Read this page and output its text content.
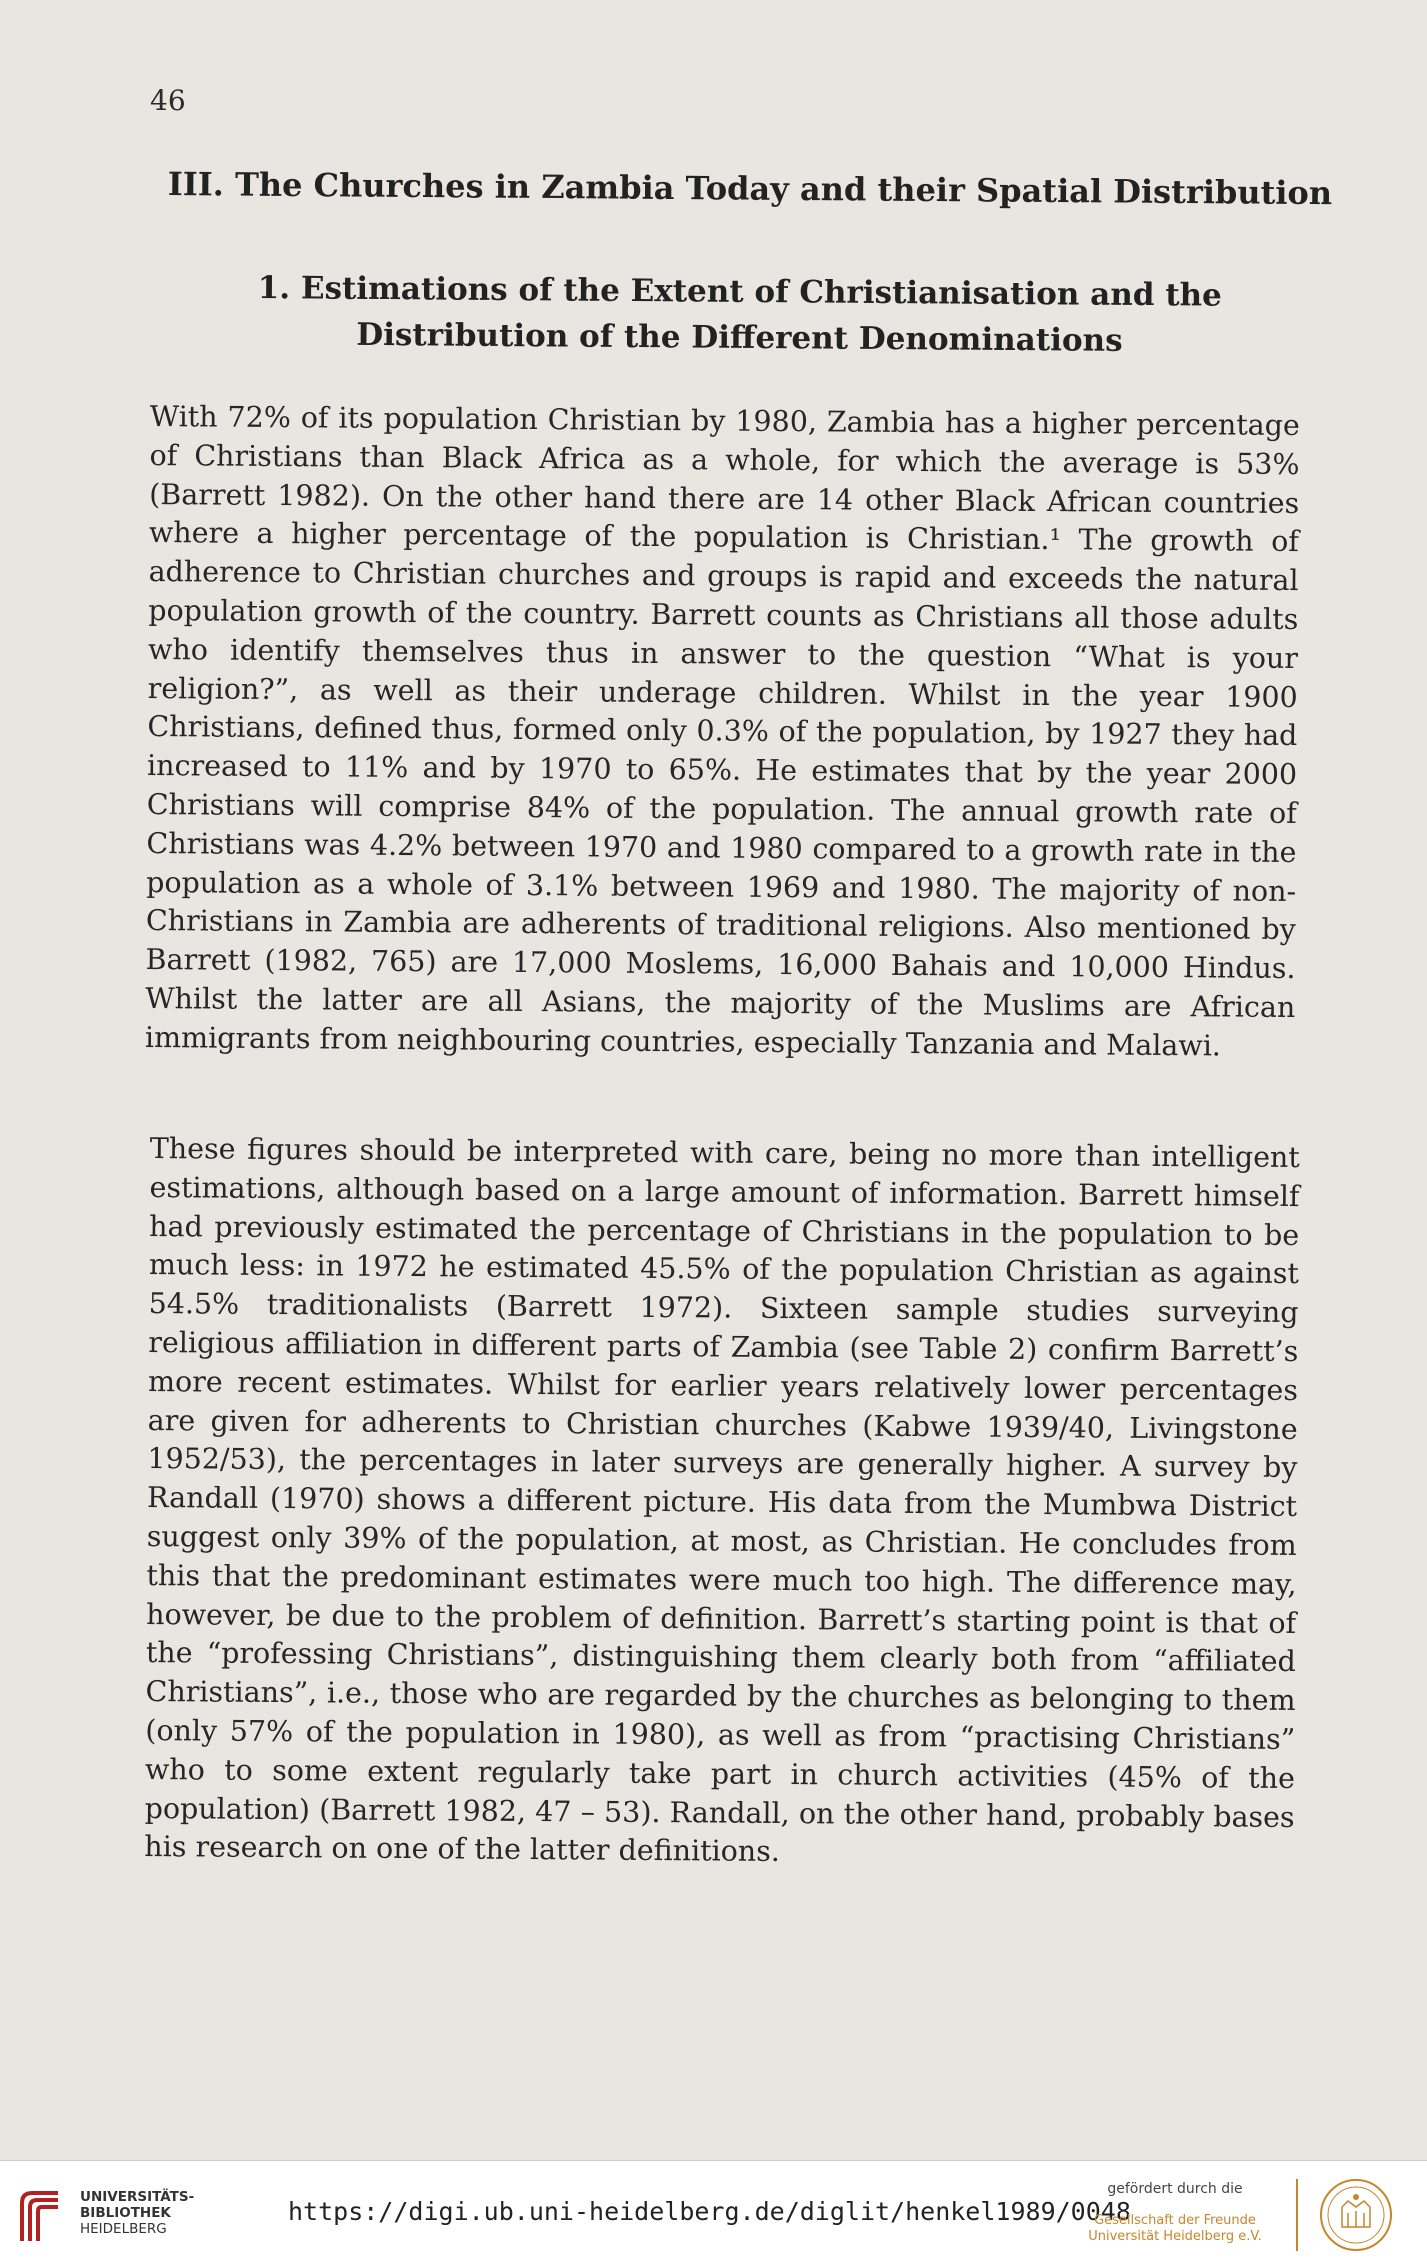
46
III. The Churches in Zambia Today and their Spatial Distribution
1. Estimations of the Extent of Christianisation and the Distribution of the Different Denominations

With 72% of its population Christian by 1980, Zambia has a higher percentage of Christians than Black Africa as a whole, for which the average is 53% (Barrett 1982). On the other hand there are 14 other Black African countries where a higher percentage of the population is Christian.¹ The growth of adherence to Christian churches and groups is rapid and exceeds the natural population growth of the country. Barrett counts as Christians all those adults who identify themselves thus in answer to the question “What is your religion?”, as well as their underage children. Whilst in the year 1900 Christians, defined thus, formed only 0.3% of the population, by 1927 they had increased to 11% and by 1970 to 65%. He estimates that by the year 2000 Christians will comprise 84% of the population. The annual growth rate of Christians was 4.2% between 1970 and 1980 compared to a growth rate in the population as a whole of 3.1% between 1969 and 1980. The majority of non-Christians in Zambia are adherents of traditional religions. Also mentioned by Barrett (1982, 765) are 17,000 Moslems, 16,000 Bahais and 10,000 Hindus. Whilst the latter are all Asians, the majority of the Muslims are African immigrants from neighbouring countries, especially Tanzania and Malawi.

These figures should be interpreted with care, being no more than intelligent estimations, although based on a large amount of information. Barrett himself had previously estimated the percentage of Christians in the population to be much less: in 1972 he estimated 45.5% of the population Christian as against 54.5% traditionalists (Barrett 1972). Sixteen sample studies surveying religious affiliation in different parts of Zambia (see Table 2) confirm Barrett’s more recent estimates. Whilst for earlier years relatively lower percentages are given for adherents to Christian churches (Kabwe 1939/40, Livingstone 1952/53), the percentages in later surveys are generally higher. A survey by Randall (1970) shows a different picture. His data from the Mumbwa District suggest only 39% of the population, at most, as Christian. He concludes from this that the predominant estimates were much too high. The difference may, however, be due to the problem of definition. Barrett’s starting point is that of the “professing Christians”, distinguishing them clearly both from “affiliated Christians”, i.e., those who are regarded by the churches as belonging to them (only 57% of the population in 1980), as well as from “practising Christians” who to some extent regularly take part in church activities (45% of the population) (Barrett 1982, 47 – 53). Randall, on the other hand, probably bases his research on one of the latter definitions.

UNIVERSITÄTS-
BIBLIOTHEK
HEIDELBERG
https://digi.ub.uni-heidelberg.de/diglit/henkel1989/0048
gefördert durch die
Gesellschaft der Freunde
Universität Heidelberg e.V.
